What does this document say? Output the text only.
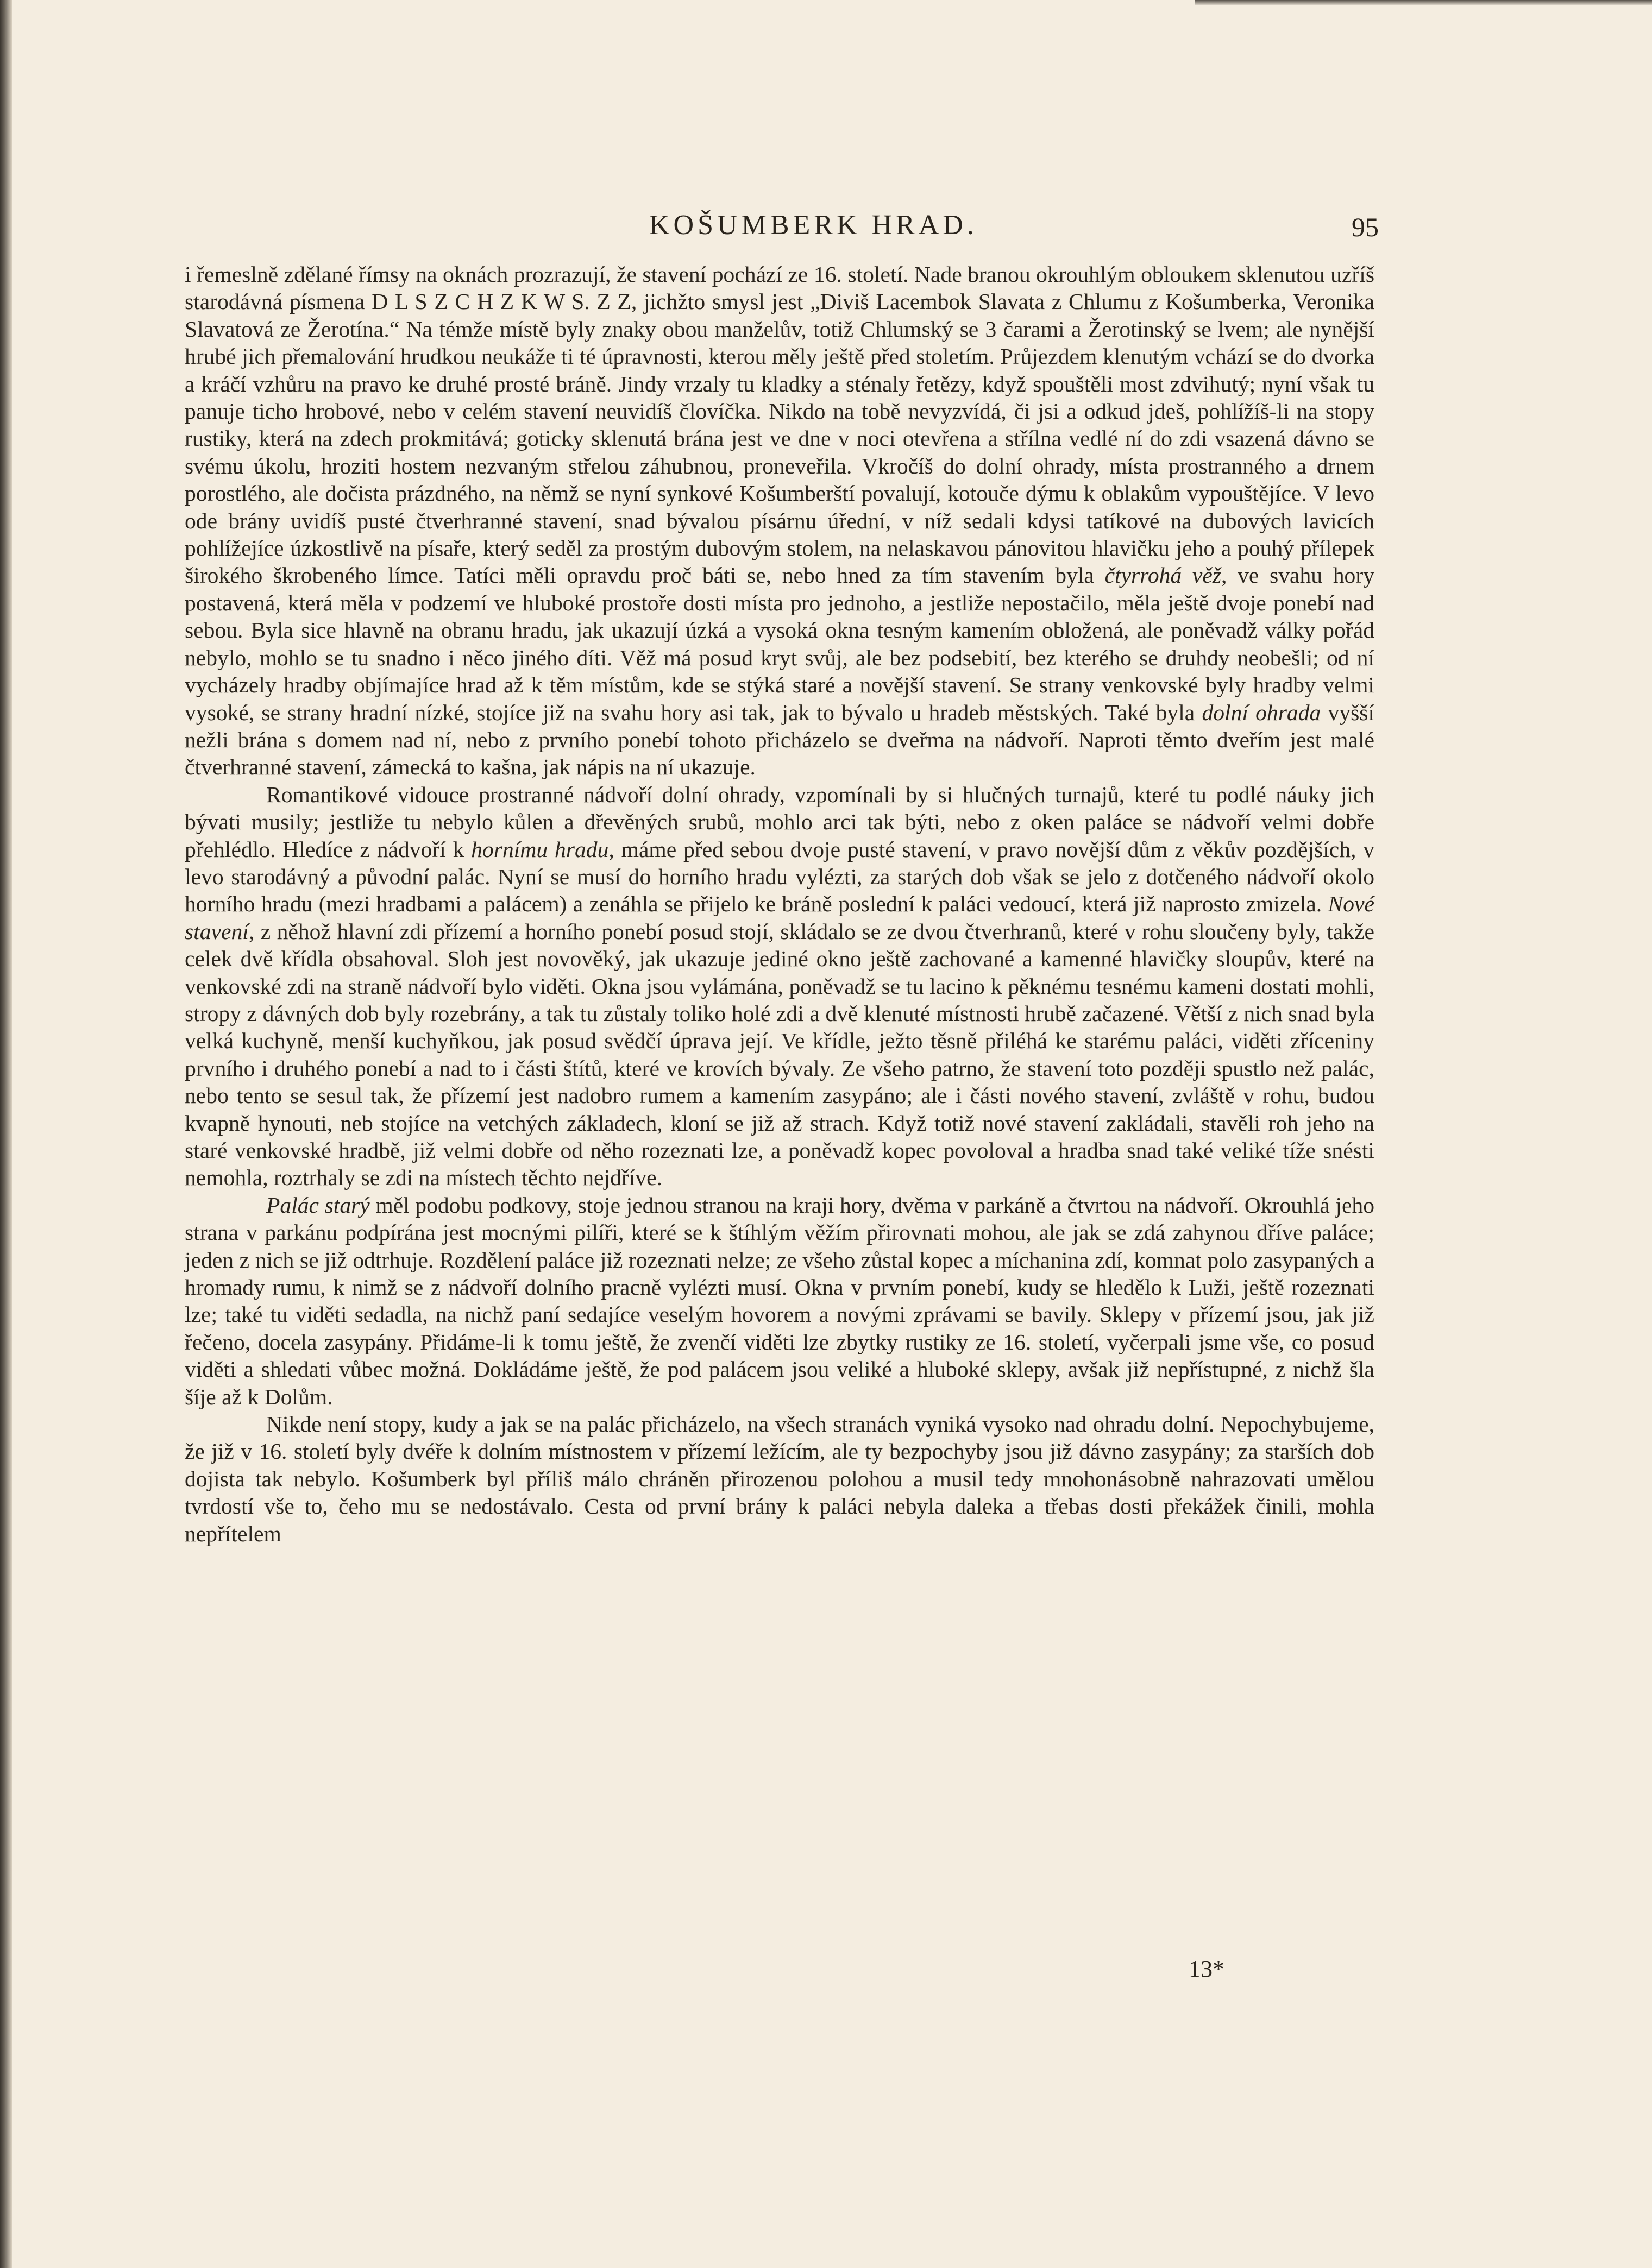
KOŠUMBERK HRAD.	95

i řemeslně zdělané římsy na oknách prozrazují, že stavení pochází ze 16. století. Nade branou okrouhlým obloukem sklenutou uzříš starodávná písmena D L S Z C H Z K W S. Z Z, jichžto smysl jest „Diviš Lacembok Slavata z Chlumu z Košumberka, Veronika Slavatová ze Žerotína.“ Na témže místě byly znaky obou manželův, totiž Chlumský se 3 čarami a Žerotinský se lvem; ale nynější hrubé jich přemalování hrudkou neukáže ti té úpravnosti, kterou měly ještě před stoletím. Průjezdem klenutým vchází se do dvorka a kráčí vzhůru na pravo ke druhé prosté bráně. Jindy vrzaly tu kladky a sténaly řetězy, když spouštěli most zdvihutý; nyní však tu panuje ticho hrobové, nebo v celém stavení neuvidíš človíčka. Nikdo na tobě nevyzvídá, či jsi a odkud jdeš, pohlížíš-li na stopy rustiky, která na zdech prokmitává; goticky sklenutá brána jest ve dne v noci otevřena a střílna vedlé ní do zdi vsazená dávno se svému úkolu, hroziti hostem nezvaným střelou záhubnou, proneveřila. Vkročíš do dolní ohrady, místa prostranného a drnem porostlého, ale dočista prázdného, na němž se nyní synkové Košumberští povalují, kotouče dýmu k oblakům vypouštějíce. V levo ode brány uvidíš pusté čtverhranné stavení, snad bývalou písárnu úřední, v níž sedali kdysi tatíkové na dubových lavicích pohlížejíce úzkostlivě na písaře, který seděl za prostým dubovým stolem, na nelaskavou pánovitou hlavičku jeho a pouhý přílepek širokého škrobeného límce. Tatíci měli opravdu proč báti se, nebo hned za tím stavením byla čtyrrohá věž, ve svahu hory postavená, která měla v podzemí ve hluboké prostoře dosti místa pro jednoho, a jestliže nepostačilo, měla ještě dvoje ponebí nad sebou. Byla sice hlavně na obranu hradu, jak ukazují úzká a vysoká okna tesným kamením obložená, ale poněvadž války pořád nebylo, mohlo se tu snadno i něco jiného díti. Věž má posud kryt svůj, ale bez podsebití, bez kterého se druhdy neobešli; od ní vycházely hradby objímajíce hrad až k těm místům, kde se stýká staré a novější stavení. Se strany venkovské byly hradby velmi vysoké, se strany hradní nízké, stojíce již na svahu hory asi tak, jak to bývalo u hradeb městských. Také byla dolní ohrada vyšší nežli brána s domem nad ní, nebo z prvního ponebí tohoto přicházelo se dveřma na nádvoří. Naproti těmto dveřím jest malé čtverhranné stavení, zámecká to kašna, jak nápis na ní ukazuje.

Romantikové vidouce prostranné nádvoří dolní ohrady, vzpomínali by si hlučných turnajů, které tu podlé náuky jich bývati musily; jestliže tu nebylo kůlen a dřevěných srubů, mohlo arci tak býti, nebo z oken paláce se nádvoří velmi dobře přehlédlo. Hledíce z nádvoří k hornímu hradu, máme před sebou dvoje pusté stavení, v pravo novější dům z věkův pozdějších, v levo starodávný a původní palác. Nyní se musí do horního hradu vylézti, za starých dob však se jelo z dotčeného nádvoří okolo horního hradu (mezi hradbami a palácem) a zenáhla se přijelo ke bráně poslední k paláci vedoucí, která již naprosto zmizela. Nové stavení, z něhož hlavní zdi přízemí a horního ponebí posud stojí, skládalo se ze dvou čtverhranů, které v rohu sloučeny byly, takže celek dvě křídla obsahoval. Sloh jest novověký, jak ukazuje jediné okno ještě zachované a kamenné hlavičky sloupův, které na venkovské zdi na straně nádvoří bylo viděti. Okna jsou vylámána, poněvadž se tu lacino k pěknému tesnému kameni dostati mohli, stropy z dávných dob byly rozebrány, a tak tu zůstaly toliko holé zdi a dvě klenuté místnosti hrubě začazené. Větší z nich snad byla velká kuchyně, menší kuchyňkou, jak posud svědčí úprava její. Ve křídle, ježto těsně přiléhá ke starému paláci, viděti zříceniny prvního i druhého ponebí a nad to i části štítů, které ve krovích bývaly. Ze všeho patrno, že stavení toto později spustlo než palác, nebo tento se sesul tak, že přízemí jest nadobro rumem a kamením zasypáno; ale i části nového stavení, zvláště v rohu, budou kvapně hynouti, neb stojíce na vetchých základech, kloní se již až strach. Když totiž nové stavení zakládali, stavěli roh jeho na staré venkovské hradbě, již velmi dobře od něho rozeznati lze, a poněvadž kopec povoloval a hradba snad také veliké tíže snésti nemohla, roztrhaly se zdi na místech těchto nejdříve.

Palác starý měl podobu podkovy, stoje jednou stranou na kraji hory, dvěma v parkáně a čtvrtou na nádvoří. Okrouhlá jeho strana v parkánu podpírána jest mocnými pilíři, které se k štíhlým věžím přirovnati mohou, ale jak se zdá zahynou dříve paláce; jeden z nich se již odtrhuje. Rozdělení paláce již rozeznati nelze; ze všeho zůstal kopec a míchanina zdí, komnat polo zasypaných a hromady rumu, k nimž se z nádvoří dolního pracně vylézti musí. Okna v prvním ponebí, kudy se hledělo k Luži, ještě rozeznati lze; také tu viděti sedadla, na nichž paní sedajíce veselým hovorem a novými zprávami se bavily. Sklepy v přízemí jsou, jak již řečeno, docela zasypány. Přidáme-li k tomu ještě, že zvenčí viděti lze zbytky rustiky ze 16. století, vyčerpali jsme vše, co posud viděti a shledati vůbec možná. Dokládáme ještě, že pod palácem jsou veliké a hluboké sklepy, avšak již nepřístupné, z nichž šla šíje až k Dolům.

Nikde není stopy, kudy a jak se na palác přicházelo, na všech stranách vyniká vysoko nad ohradu dolní. Nepochybujeme, že již v 16. století byly dvéře k dolním místnostem v přízemí ležícím, ale ty bezpochyby jsou již dávno zasypány; za starších dob dojista tak nebylo. Košumberk byl příliš málo chráněn přirozenou polohou a musil tedy mnohonásobně nahrazovati umělou tvrdostí vše to, čeho mu se nedostávalo. Cesta od první brány k paláci nebyla daleka a třebas dosti překážek činili, mohla nepřítelem

13*
